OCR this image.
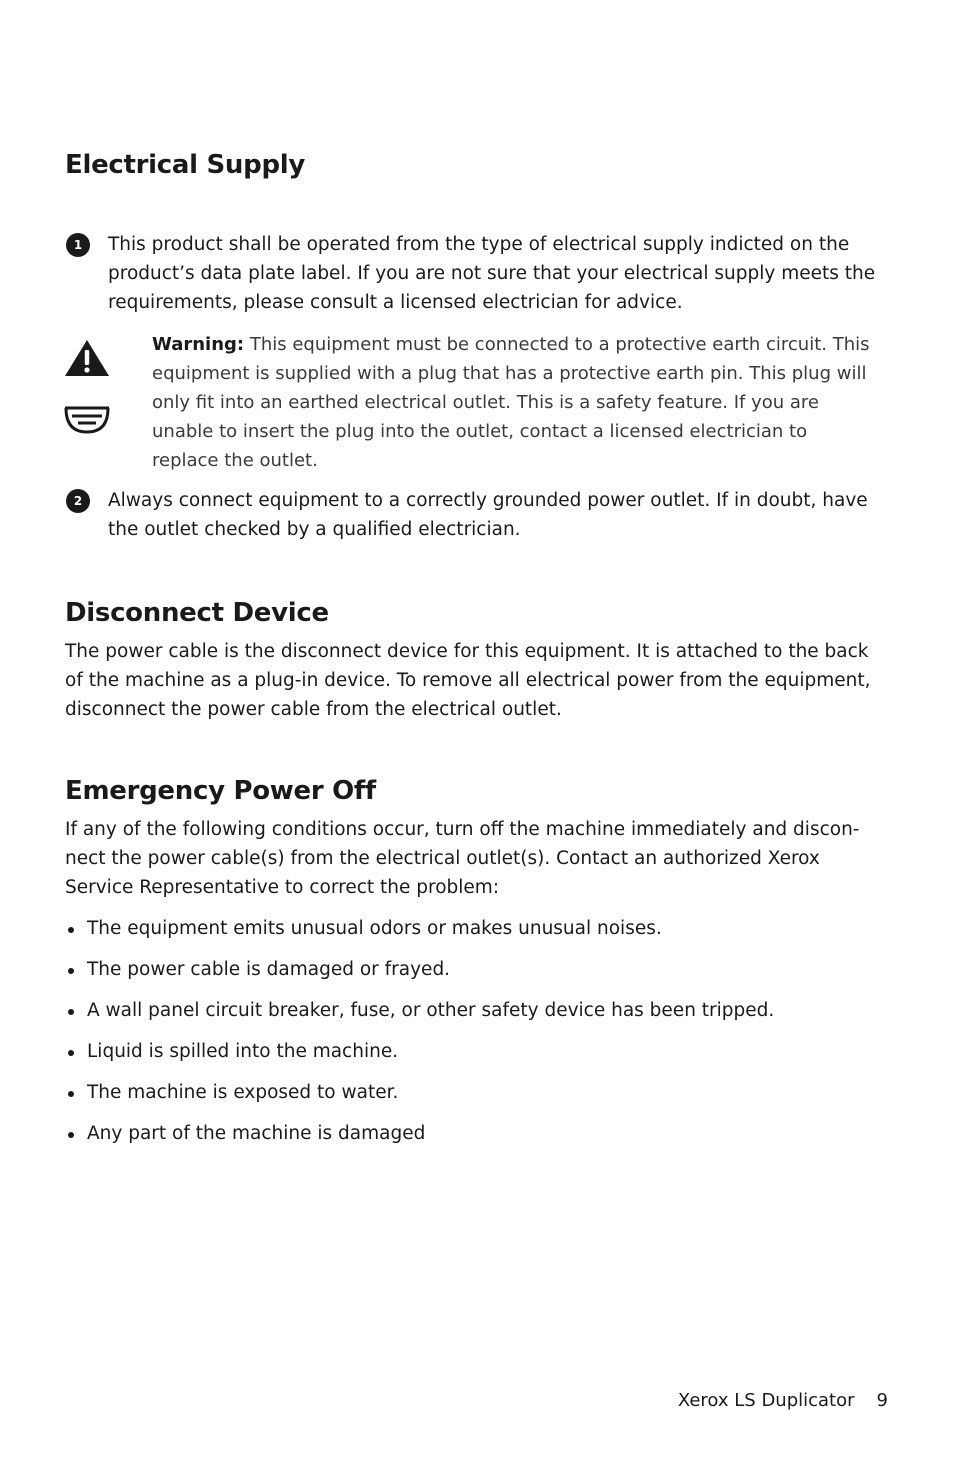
Electrical Supply
1	This product shall be operated from the type of electrical supply indicted on the product’s data plate label. If you are not sure that your electrical supply meets the requirements, please consult a licensed electrician for advice.

Warning: This equipment must be connected to a protective earth circuit. This equipment is supplied with a plug that has a protective earth pin. This plug will only fit into an earthed electrical outlet. This is a safety feature. If you are unable to insert the plug into the outlet, contact a licensed electrician to replace the outlet.

2	Always connect equipment to a correctly grounded power outlet. If in doubt, have the outlet checked by a qualified electrician.

Disconnect Device

The power cable is the disconnect device for this equipment. It is attached to the back of the machine as a plug-in device. To remove all electrical power from the equipment, disconnect the power cable from the electrical outlet.

Emergency Power Off

If any of the following conditions occur, turn off the machine immediately and disconnect the power cable(s) from the electrical outlet(s). Contact an authorized Xerox Service Representative to correct the problem:

The equipment emits unusual odors or makes unusual noises.
The power cable is damaged or frayed.
A wall panel circuit breaker, fuse, or other safety device has been tripped.
Liquid is spilled into the machine.
The machine is exposed to water.
Any part of the machine is damaged
Xerox LS Duplicator 9
